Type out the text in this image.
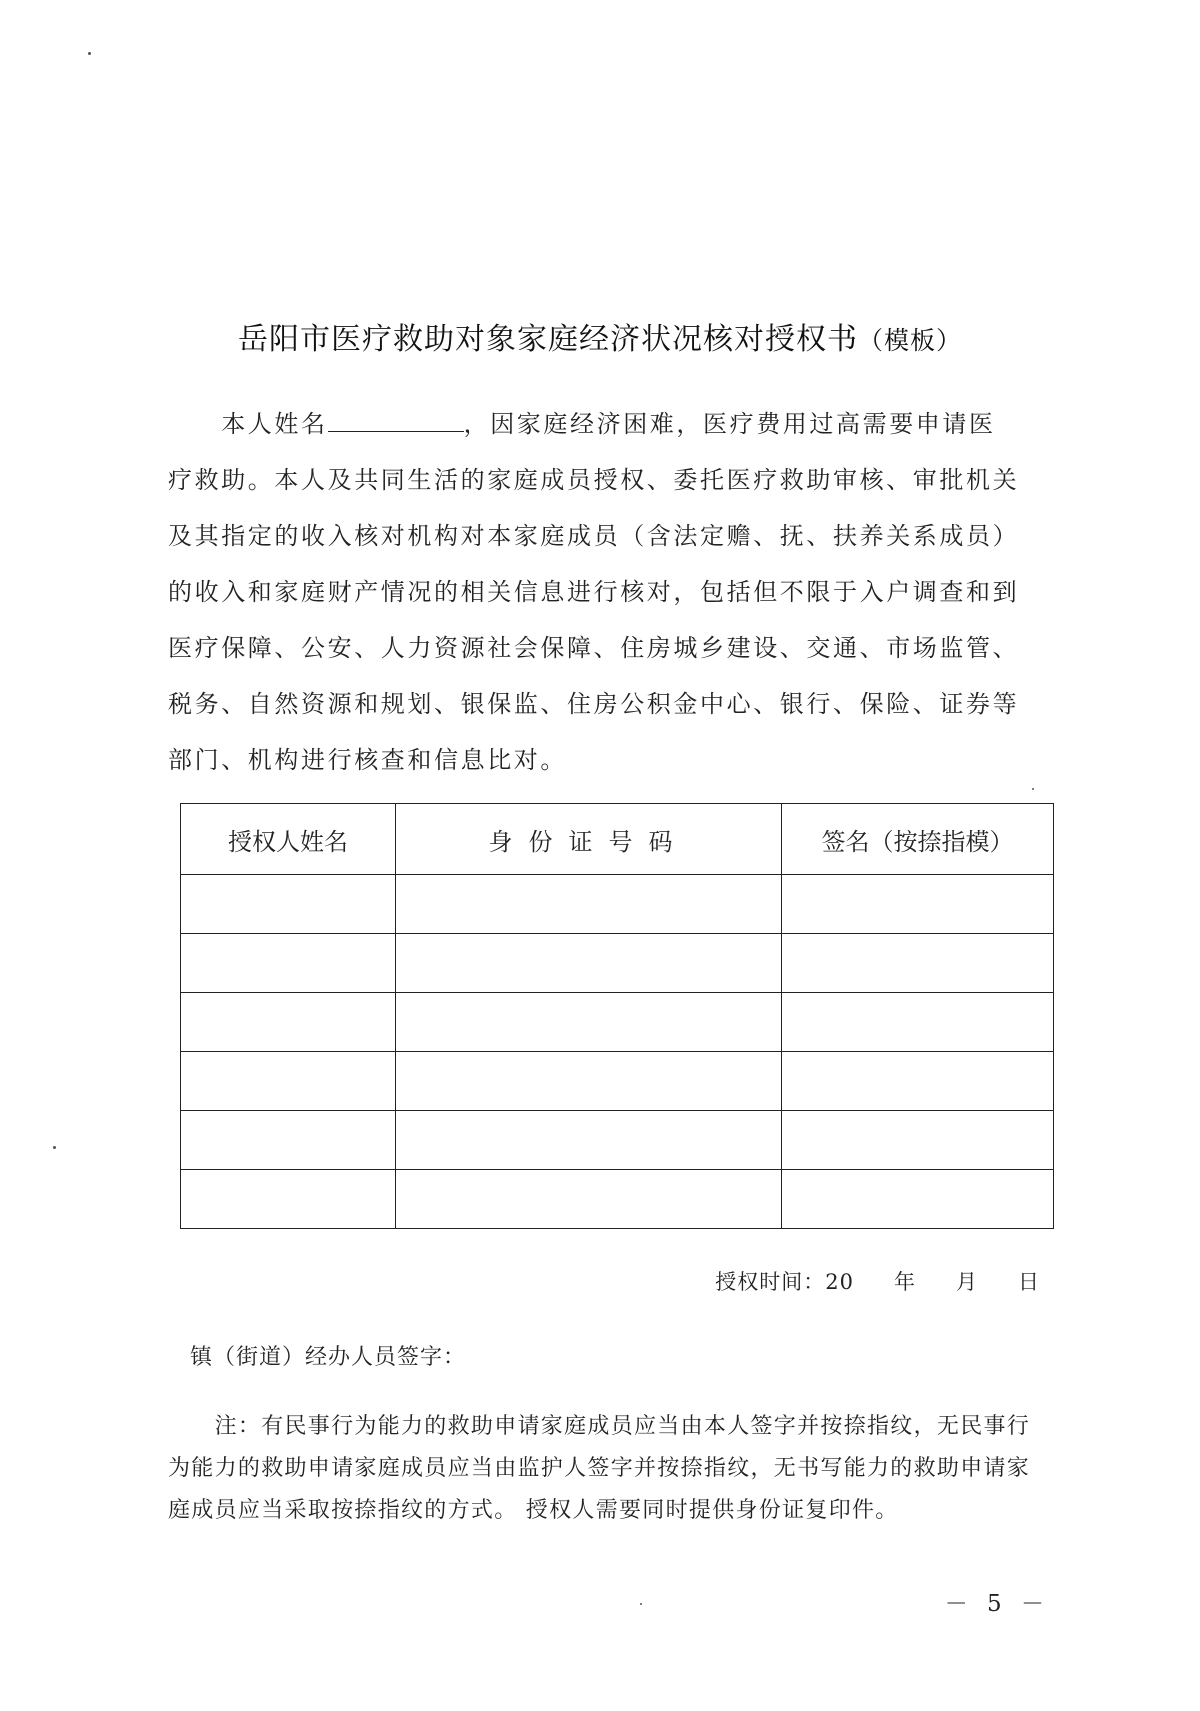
岳阳市医疗救助对象家庭经济状况核对授权书（模板）
　　本人姓名	，因家庭经济困难，医疗费用过高需要申请医
疗救助。本人及共同生活的家庭成员授权、委托医疗救助审核、审批机关
及其指定的收入核对机构对本家庭成员（含法定赡、抚、扶养关系成员）
的收入和家庭财产情况的相关信息进行核对，包括但不限于入户调查和到
医疗保障、公安、人力资源社会保障、住房城乡建设、交通、市场监管、
税务、自然资源和规划、银保监、住房公积金中心、银行、保险、证券等
部门、机构进行核查和信息比对。
授权人姓名	身份证号码	签名（按捺指模）

授权时间：20 年 月 日
镇（街道）经办人员签字：
　　注：有民事行为能力的救助申请家庭成员应当由本人签字并按捺指纹，无民事行
为能力的救助申请家庭成员应当由监护人签字并按捺指纹，无书写能力的救助申请家
庭成员应当采取按捺指纹的方式。 授权人需要同时提供身份证复印件。
－ 5 －
